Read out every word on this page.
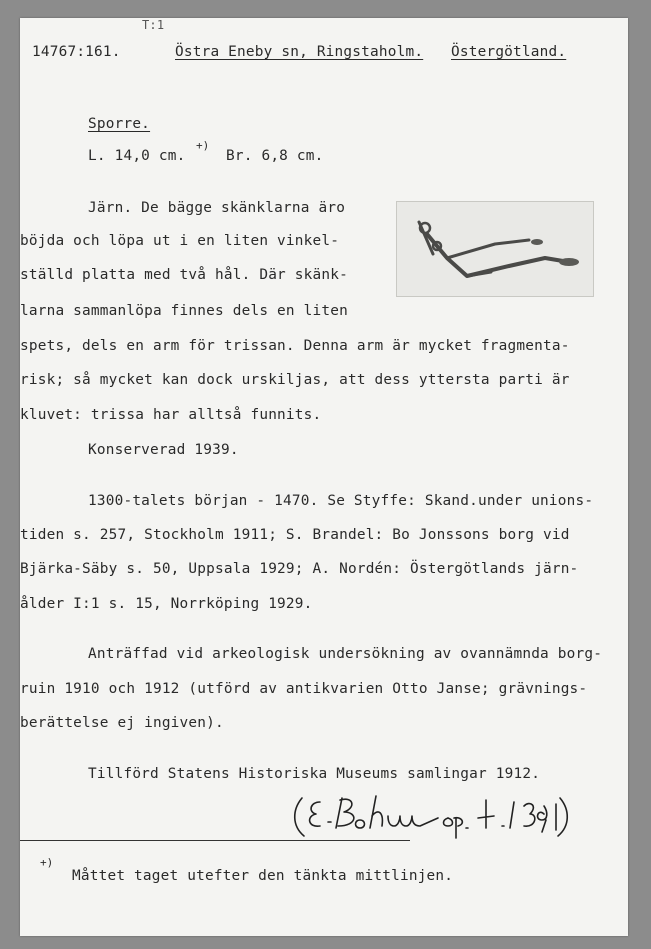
T:1
14767:161.	Östra Eneby sn, Ringstaholm. Östergötland.
Sporre.
L. 14,0 cm.
+)
Br. 6,8 cm.
Järn. De bägge skänklarna äro
böjda och löpa ut i en liten vinkel-
ställd platta med två hål. Där skänk-
larna sammanlöpa finnes dels en liten
spets, dels en arm för trissan. Denna arm är mycket fragmenta-
risk; så mycket kan dock urskiljas, att dess yttersta parti är
kluvet: trissa har alltså funnits.
Konserverad 1939.
1300-talets början - 1470. Se Styffe: Skand.under unions-
tiden s. 257, Stockholm 1911; S. Brandel: Bo Jonssons borg vid
Bjärka-Säby s. 50, Uppsala 1929; A. Nordén: Östergötlands järn-
ålder I:1 s. 15, Norrköping 1929.
Anträffad vid arkeologisk undersökning av ovannämnda borg-
ruin 1910 och 1912 (utförd av antikvarien Otto Janse; grävnings-
berättelse ej ingiven).
Tillförd Statens Historiska Museums samlingar 1912.
(E. Bohm sept. 1939)
+)
Måttet taget utefter den tänkta mittlinjen.
